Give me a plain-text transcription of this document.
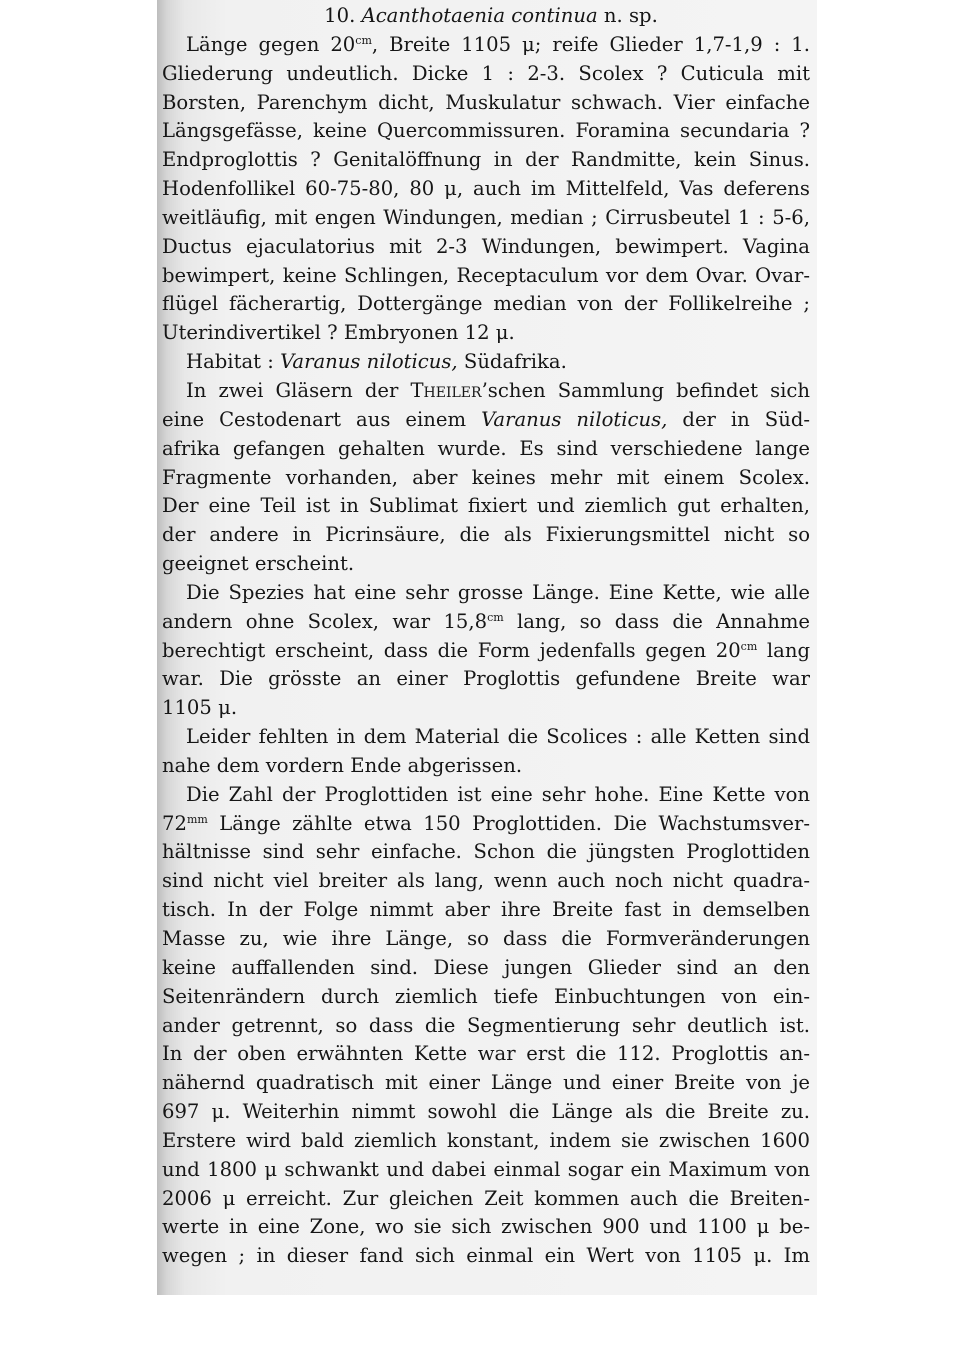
10. Acanthotaenia continua n. sp.
Länge gegen $20^{cm}$, Breite 1105 μ; reife Glieder 1,7-1,9 : 1.
Gliederung undeutlich. Dicke 1 : 2-3. Scolex ? Cuticula mit
Borsten, Parenchym dicht, Muskulatur schwach. Vier einfache
Längsgefässe, keine Quercommissuren. Foramina secundaria ?
Endproglottis ? Genitalöffnung in der Randmitte, kein Sinus.
Hodenfollikel 60-75-80, 80 μ, auch im Mittelfeld, Vas deferens
weitläufig, mit engen Windungen, median ; Cirrusbeutel 1 : 5-6,
Ductus ejaculatorius mit 2-3 Windungen, bewimpert. Vagina
bewimpert, keine Schlingen, Receptaculum vor dem Ovar. Ovar-
flügel fächerartig, Dottergänge median von der Follikelreihe ;
Uterindivertikel ? Embryonen 12 μ.
Habitat : Varanus niloticus, Südafrika.
In zwei Gläsern der Theiler’schen Sammlung befindet sich
eine Cestodenart aus einem Varanus niloticus, der in Süd-
afrika gefangen gehalten wurde. Es sind verschiedene lange
Fragmente vorhanden, aber keines mehr mit einem Scolex.
Der eine Teil ist in Sublimat fixiert und ziemlich gut erhalten,
der andere in Picrinsäure, die als Fixierungsmittel nicht so
geeignet erscheint.
Die Spezies hat eine sehr grosse Länge. Eine Kette, wie alle
andern ohne Scolex, war $15,8^{cm}$ lang, so dass die Annahme
berechtigt erscheint, dass die Form jedenfalls gegen $20^{cm}$ lang
war. Die grösste an einer Proglottis gefundene Breite war
1105 μ.
Leider fehlten in dem Material die Scolices : alle Ketten sind
nahe dem vordern Ende abgerissen.
Die Zahl der Proglottiden ist eine sehr hohe. Eine Kette von
$72^{mm}$ Länge zählte etwa 150 Proglottiden. Die Wachstumsver-
hältnisse sind sehr einfache. Schon die jüngsten Proglottiden
sind nicht viel breiter als lang, wenn auch noch nicht quadra-
tisch. In der Folge nimmt aber ihre Breite fast in demselben
Masse zu, wie ihre Länge, so dass die Formveränderungen
keine auffallenden sind. Diese jungen Glieder sind an den
Seitenrändern durch ziemlich tiefe Einbuchtungen von ein-
ander getrennt, so dass die Segmentierung sehr deutlich ist.
In der oben erwähnten Kette war erst die 112. Proglottis an-
nähernd quadratisch mit einer Länge und einer Breite von je
697 μ. Weiterhin nimmt sowohl die Länge als die Breite zu.
Erstere wird bald ziemlich konstant, indem sie zwischen 1600
und 1800 μ schwankt und dabei einmal sogar ein Maximum von
2006 μ erreicht. Zur gleichen Zeit kommen auch die Breiten-
werte in eine Zone, wo sie sich zwischen 900 und 1100 μ be-
wegen ; in dieser fand sich einmal ein Wert von 1105 μ. Im
